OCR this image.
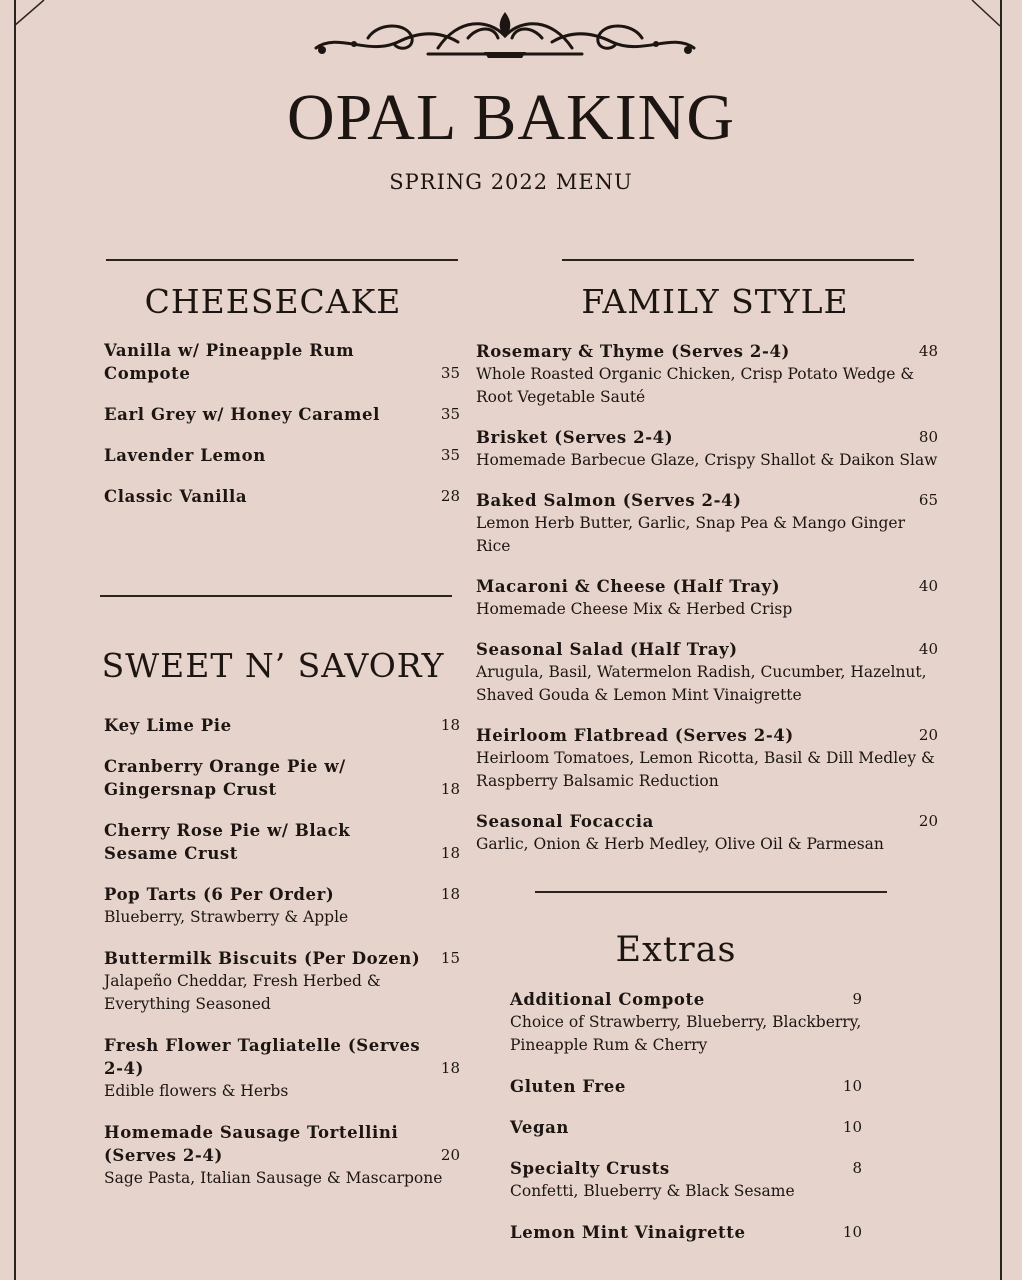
OPAL BAKING
SPRING 2022 MENU
CHEESECAKE
Vanilla w/ Pineapple Rum Compote	35
Earl Grey w/ Honey Caramel	35
Lavender Lemon	35
Classic Vanilla	28
SWEET N’ SAVORY
Key Lime Pie	18
Cranberry Orange Pie w/ Gingersnap Crust	18
Cherry Rose Pie w/ Black Sesame Crust	18
Pop Tarts (6 Per Order)	18
Blueberry, Strawberry & Apple
Buttermilk Biscuits (Per Dozen)	15
Jalapeño Cheddar, Fresh Herbed & Everything Seasoned
Fresh Flower Tagliatelle (Serves 2-4)	18
Edible flowers & Herbs
Homemade Sausage Tortellini (Serves 2-4)	20
Sage Pasta, Italian Sausage & Mascarpone
FAMILY STYLE
Rosemary & Thyme (Serves 2-4)	48
Whole Roasted Organic Chicken, Crisp Potato Wedge & Root Vegetable Sauté
Brisket (Serves 2-4)	80
Homemade Barbecue Glaze, Crispy Shallot & Daikon Slaw
Baked Salmon (Serves 2-4)	65
Lemon Herb Butter, Garlic, Snap Pea & Mango Ginger Rice
Macaroni & Cheese (Half Tray)	40
Homemade Cheese Mix & Herbed Crisp
Seasonal Salad (Half Tray)	40
Arugula, Basil, Watermelon Radish, Cucumber, Hazelnut, Shaved Gouda & Lemon Mint Vinaigrette
Heirloom Flatbread (Serves 2-4)	20
Heirloom Tomatoes, Lemon Ricotta, Basil & Dill Medley & Raspberry Balsamic Reduction
Seasonal Focaccia	20
Garlic, Onion & Herb Medley, Olive Oil & Parmesan
Extras
Additional Compote	9
Choice of Strawberry, Blueberry, Blackberry, Pineapple Rum & Cherry
Gluten Free	10
Vegan	10
Specialty Crusts	8
Confetti, Blueberry & Black Sesame
Lemon Mint Vinaigrette	10
